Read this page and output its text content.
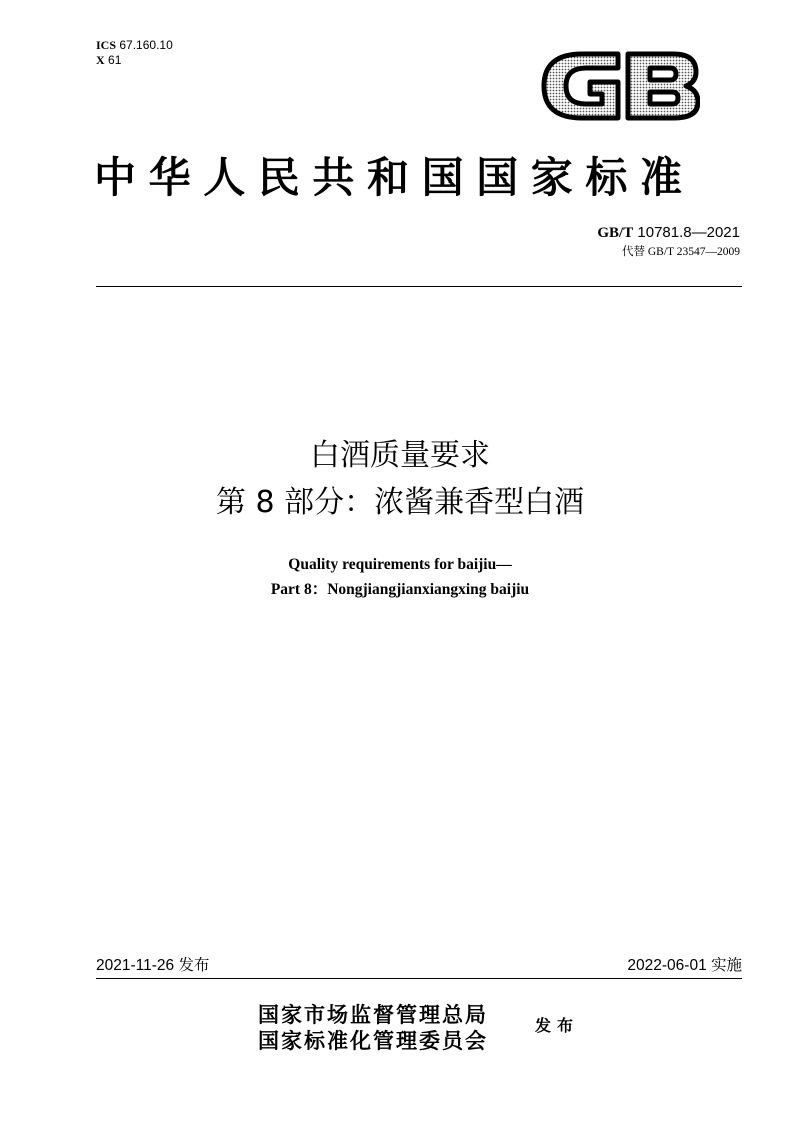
ICS 67.160.10
X 61
中华人民共和国国家标准
GB/T 10781.8—2021
代替 GB/T 23547—2009
白酒质量要求
第 8 部分：浓酱兼香型白酒
Quality requirements for baijiu—
Part 8：Nongjiangjianxiangxing baijiu
2021-11-26 发布	2022-06-01 实施
国家市场监督管理总局
国家标准化管理委员会
发布
